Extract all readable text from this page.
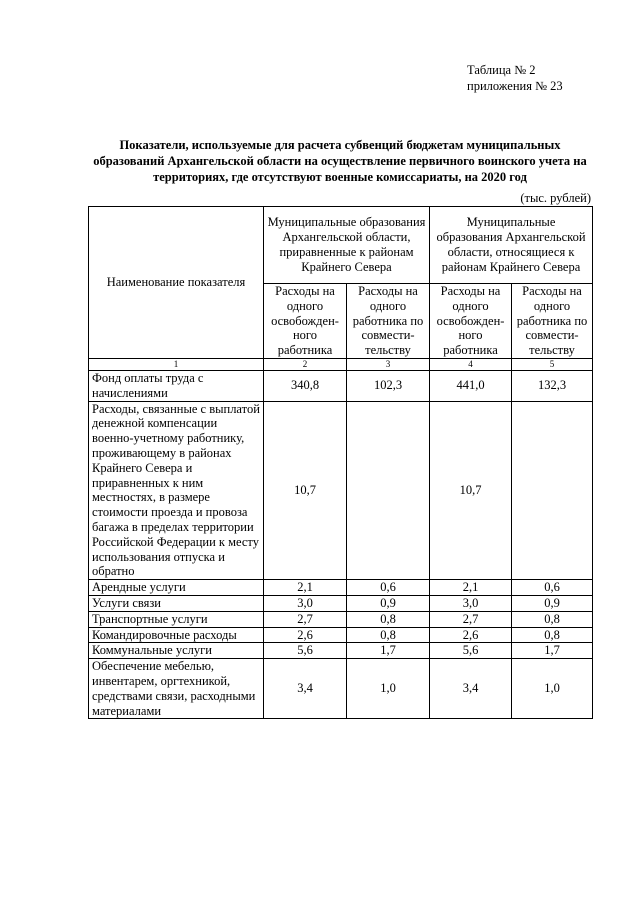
Таблица № 2
приложения № 23
Показатели, используемые для расчета субвенций бюджетам муниципальных образований Архангельской области на осуществление первичного воинского учета на территориях, где отсутствуют военные комиссариаты, на 2020 год
(тыс. рублей)
Наименование показателя	Муниципальные образования Архангельской области, приравненные к районам Крайнего Севера		Муниципальные образования Архангельской области, относящиеся к районам Крайнего Севера	
	Расходы на одного освобожден-ного работника	Расходы на одного работника по совмести-тельству	Расходы на одного освобожден-ного работника	Расходы на одного работника по совмести-тельству
1	2	3	4	5
Фонд оплаты труда с начислениями	340,8	102,3	441,0	132,3
Расходы, связанные с выплатой денежной компенсации военно-учетному работнику, проживающему в районах Крайнего Севера и приравненных к ним местностях, в размере стоимости проезда и провоза багажа в пределах территории Российской Федерации к месту использования отпуска и обратно	10,7		10,7	
Арендные услуги	2,1	0,6	2,1	0,6
Услуги связи	3,0	0,9	3,0	0,9
Транспортные услуги	2,7	0,8	2,7	0,8
Командировочные расходы	2,6	0,8	2,6	0,8
Коммунальные услуги	5,6	1,7	5,6	1,7
Обеспечение мебелью, инвентарем, оргтехникой, средствами связи, расходными материалами	3,4	1,0	3,4	1,0
